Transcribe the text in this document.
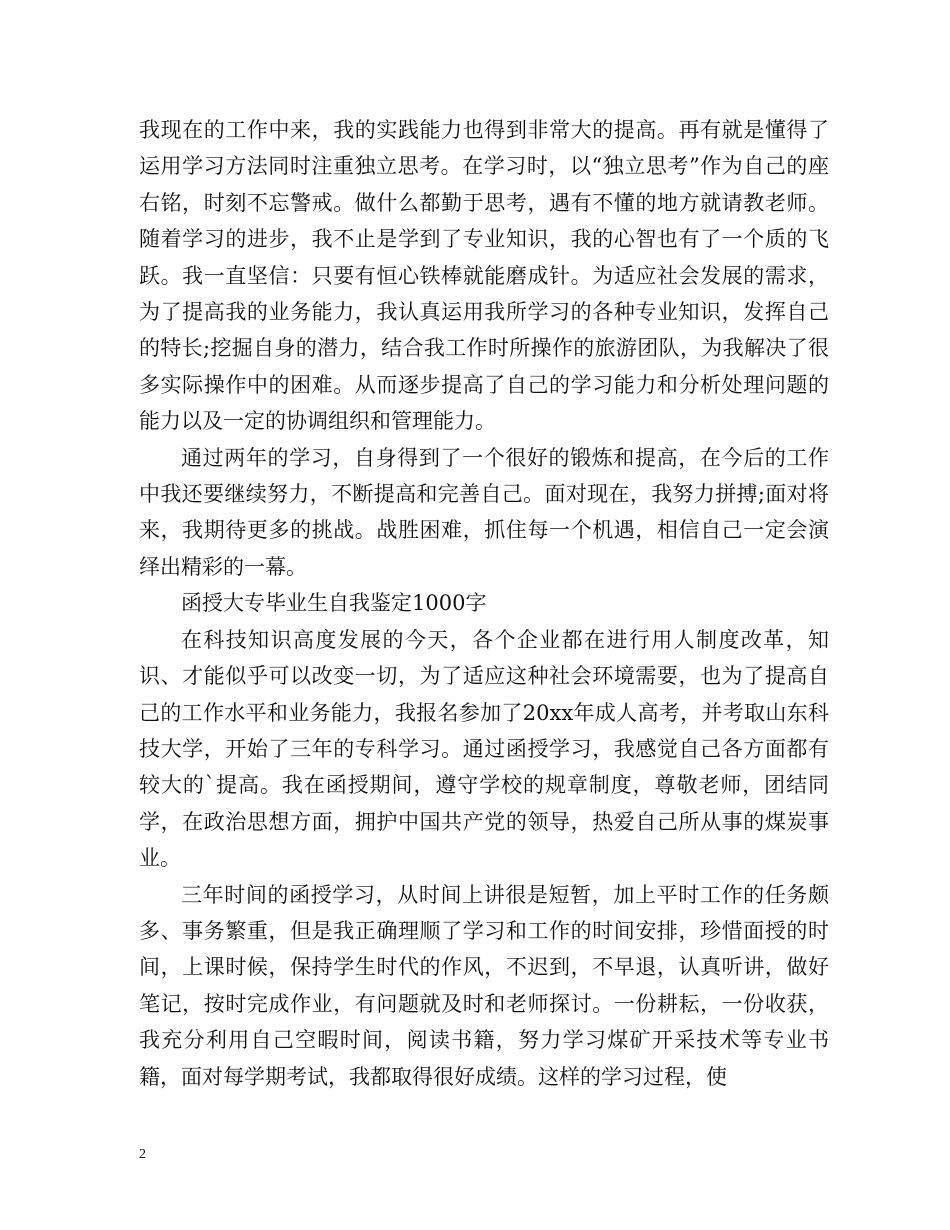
我现在的工作中来，我的实践能力也得到非常大的提高。再有就是懂得了运用学习方法同时注重独立思考。在学习时，以“独立思考”作为自己的座右铭，时刻不忘警戒。做什么都勤于思考，遇有不懂的地方就请教老师。随着学习的进步，我不止是学到了专业知识，我的心智也有了一个质的飞跃。我一直坚信：只要有恒心铁棒就能磨成针。为适应社会发展的需求，为了提高我的业务能力，我认真运用我所学习的各种专业知识，发挥自己的特长;挖掘自身的潜力，结合我工作时所操作的旅游团队，为我解决了很多实际操作中的困难。从而逐步提高了自己的学习能力和分析处理问题的能力以及一定的协调组织和管理能力。

通过两年的学习，自身得到了一个很好的锻炼和提高，在今后的工作中我还要继续努力，不断提高和完善自己。面对现在，我努力拼搏;面对将来，我期待更多的挑战。战胜困难，抓住每一个机遇，相信自己一定会演绎出精彩的一幕。

函授大专毕业生自我鉴定1000字

在科技知识高度发展的今天，各个企业都在进行用人制度改革，知识、才能似乎可以改变一切，为了适应这种社会环境需要，也为了提高自己的工作水平和业务能力，我报名参加了20xx年成人高考，并考取山东科技大学，开始了三年的专科学习。通过函授学习，我感觉自己各方面都有较大的`提高。我在函授期间，遵守学校的规章制度，尊敬老师，团结同学，在政治思想方面，拥护中国共产党的领导，热爱自己所从事的煤炭事业。

三年时间的函授学习，从时间上讲很是短暂，加上平时工作的任务颇多、事务繁重，但是我正确理顺了学习和工作的时间安排，珍惜面授的时间，上课时候，保持学生时代的作风，不迟到，不早退，认真听讲，做好笔记，按时完成作业，有问题就及时和老师探讨。一份耕耘，一份收获，我充分利用自己空暇时间，阅读书籍，努力学习煤矿开采技术等专业书籍，面对每学期考试，我都取得很好成绩。这样的学习过程，使

2
